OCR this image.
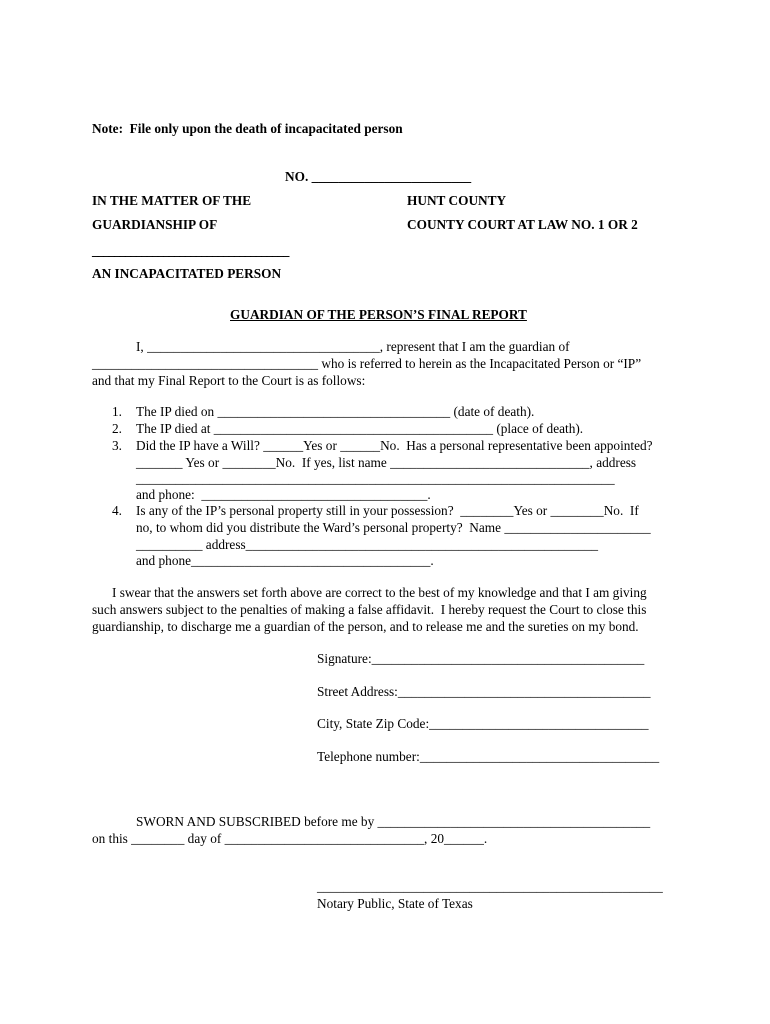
Note:  File only upon the death of incapacitated person
NO. ________________________
IN THE MATTER OF THE	HUNT COUNTY
GUARDIANSHIP OF	COUNTY COURT AT LAW NO. 1 OR 2
____________________________________
AN INCAPACITATED PERSON
GUARDIAN OF THE PERSON’S FINAL REPORT
I, ___________________________________, represent that I am the guardian of
__________________________________ who is referred to herein as the Incapacitated Person or “IP”
and that my Final Report to the Court is as follows:
1. The IP died on ___________________________________ (date of death).
2. The IP died at __________________________________________ (place of death).
3. Did the IP have a Will? ______Yes or ______No.  Has a personal representative been appointed?
_______ Yes or ________No.  If yes, list name ______________________________, address
________________________________________________________________________
and phone:  __________________________________.
4. Is any of the IP’s personal property still in your possession?  ________Yes or ________No.  If
no, to whom did you distribute the Ward’s personal property?  Name ______________________
__________ address_____________________________________________________
and phone____________________________________.
I swear that the answers set forth above are correct to the best of my knowledge and that I am giving
such answers subject to the penalties of making a false affidavit.  I hereby request the Court to close this
guardianship, to discharge me a guardian of the person, and to release me and the sureties on my bond.
Signature:_________________________________________
Street Address:______________________________________
City, State Zip Code:_________________________________
Telephone number:____________________________________
SWORN AND SUBSCRIBED before me by _________________________________________
on this ________ day of ______________________________, 20______.
____________________________________________________
Notary Public, State of Texas
